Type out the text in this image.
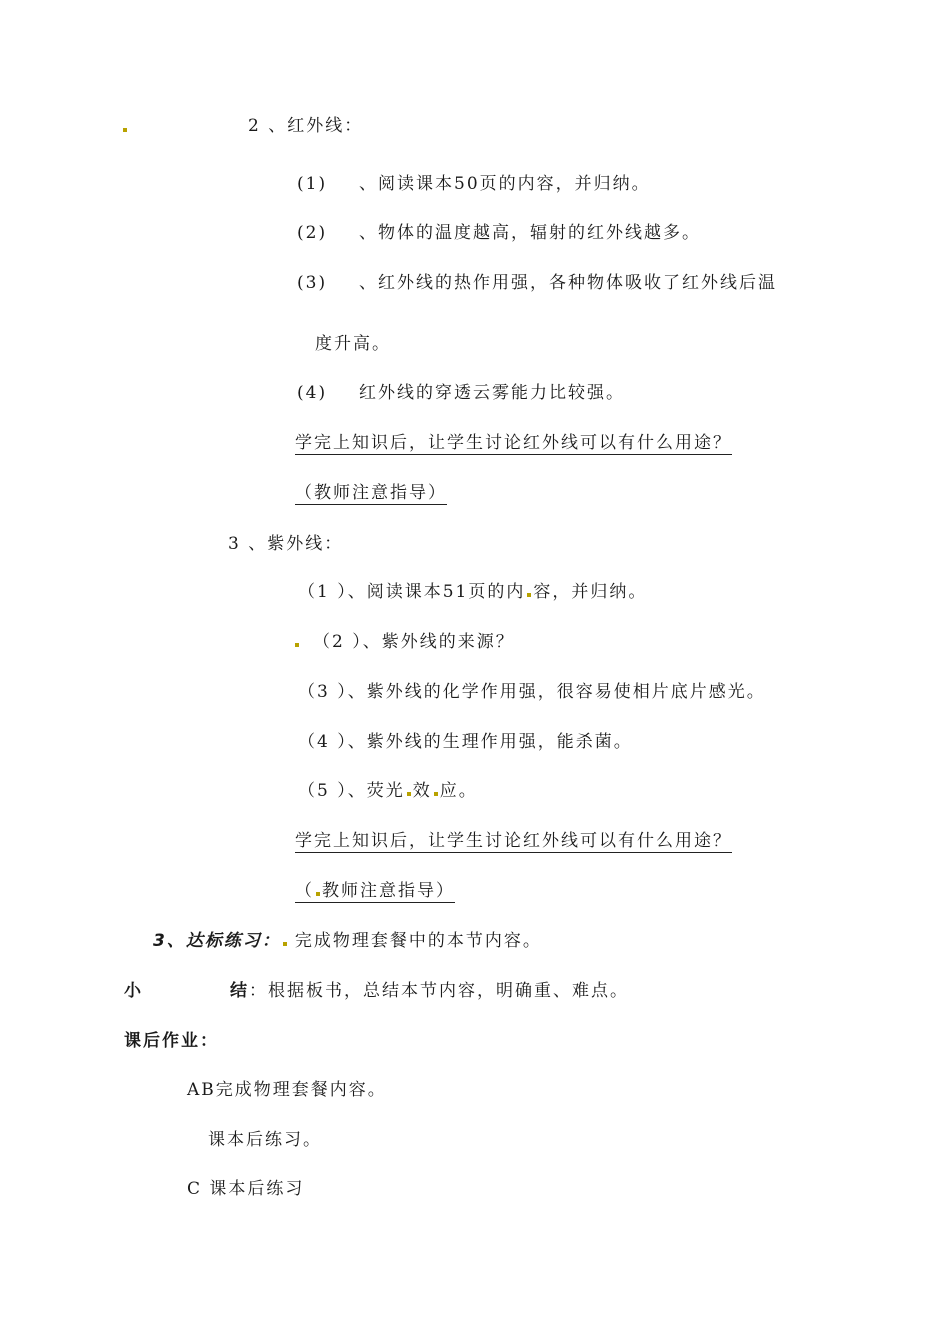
2 、红外线：
(1) 、阅读课本50页的内容，并归纳。
(2) 、物体的温度越高，辐射的红外线越多。
(3) 、红外线的热作用强，各种物体吸收了红外线后温
度升高。
(4) 红外线的穿透云雾能力比较强。
学完上知识后，让学生讨论红外线可以有什么用途？
（教师注意指导）
3 、紫外线：
（1 ）、阅读课本51页的内 容，并归纳。
（2 ）、紫外线的来源？
（3 ）、紫外线的化学作用强，很容易使相片底片感光。
（4 ）、紫外线的生理作用强，能杀菌。
（5 ）、荧光 效 应。
学完上知识后，让学生讨论红外线可以有什么用途？
（ 教师注意指导）
3、达标练习： 完成物理套餐中的本节内容。
小	结：根据板书，总结本节内容，明确重、难点。
课后作业：
AB完成物理套餐内容。
课本后练习。
C 课本后练习
